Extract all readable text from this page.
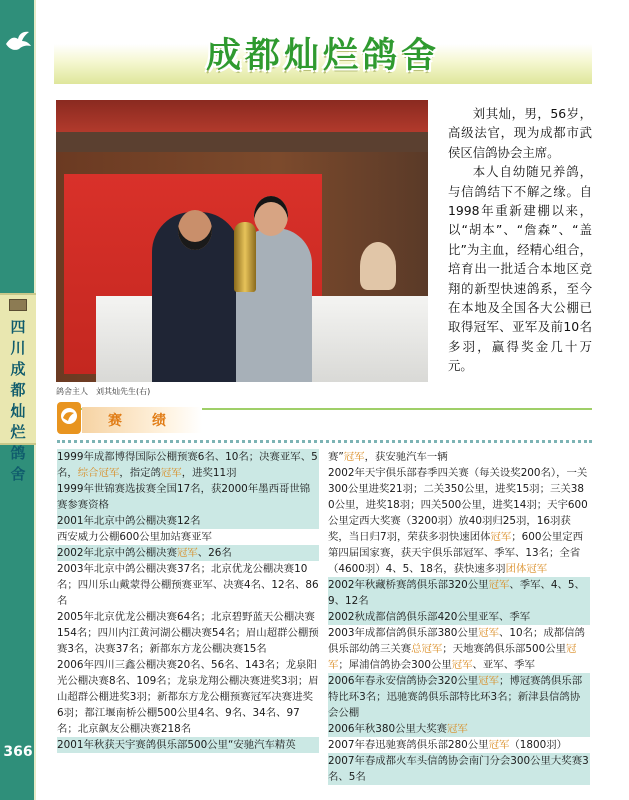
四川成都灿烂鸽舍
366
成都灿烂鸽舍
鸽舍主人　刘其灿先生(右)

刘其灿，男，56岁，高级法官，现为成都市武侯区信鸽协会主席。

本人自幼随兄养鸽，与信鸽结下不解之缘。自1998年重新建棚以来，以“胡本”、“詹森”、“盖比”为主血，经精心组合，培育出一批适合本地区竞翔的新型快速鸽系，至今在本地及全国各大公棚已取得冠军、亚军及前10名多羽，赢得奖金几十万元。

赛　绩
1999年成都博得国际公棚预赛6名、10名；决赛亚军、5名，综合冠军，指定鸽冠军，进奖11羽
1999年世锦赛选拔赛全国17名，获2000年墨西哥世锦赛参赛资格
2001年北京中鸽公棚决赛12名
西安威力公棚600公里加站赛亚军
2002年北京中鸽公棚决赛冠军、26名
2003年北京中鸽公棚决赛37名；北京优龙公棚决赛10名；四川乐山戴蒙得公棚预赛亚军、决赛4名、12名、86名
2005年北京优龙公棚决赛64名；北京碧野蓝天公棚决赛154名；四川内江黄河湖公棚决赛54名；眉山超群公棚预赛3名，决赛37名；新都东方龙公棚决赛15名
2006年四川三鑫公棚决赛20名、56名、143名；龙泉阳光公棚决赛8名、109名；龙泉龙翔公棚决赛进奖3羽；眉山超群公棚进奖3羽；新都东方龙公棚预赛冠军决赛进奖6羽；都江堰南桥公棚500公里4名、9名、34名、97名；北京飙友公棚决赛218名
2001年秋获天宇赛鸽俱乐部500公里“安驰汽车精英
赛”冠军，获安驰汽车一辆
2002年天宇俱乐部春季四关赛（每关设奖200名），一关300公里进奖21羽；二关350公里，进奖15羽；三关380公里，进奖18羽；四关500公里，进奖14羽；天宇600公里定西大奖赛（3200羽）放40羽归25羽，16羽获奖，当日归7羽，荣获多羽快速团体冠军；600公里定西第四届国家赛，获天宇俱乐部冠军、季军、13名；全省（4600羽）4、5、18名，获快速多羽团体冠军
2002年秋藏桥赛鸽俱乐部320公里冠军、季军、4、5、9、12名
2002秋成都信鸽俱乐部420公里亚军、季军
2003年成都信鸽俱乐部380公里冠军、10名；成都信鸽俱乐部幼鸽三关赛总冠军；天地赛鸽俱乐部500公里冠军；犀浦信鸽协会300公里冠军、亚军、季军
2006年春永安信鸽协会320公里冠军；博冠赛鸽俱乐部特比环3名；迅驰赛鸽俱乐部特比环3名；新津县信鸽协会公棚
2006年秋380公里大奖赛冠军
2007年春迅驰赛鸽俱乐部280公里冠军（1800羽）
2007年春成都火车头信鸽协会南门分会300公里大奖赛3名、5名
